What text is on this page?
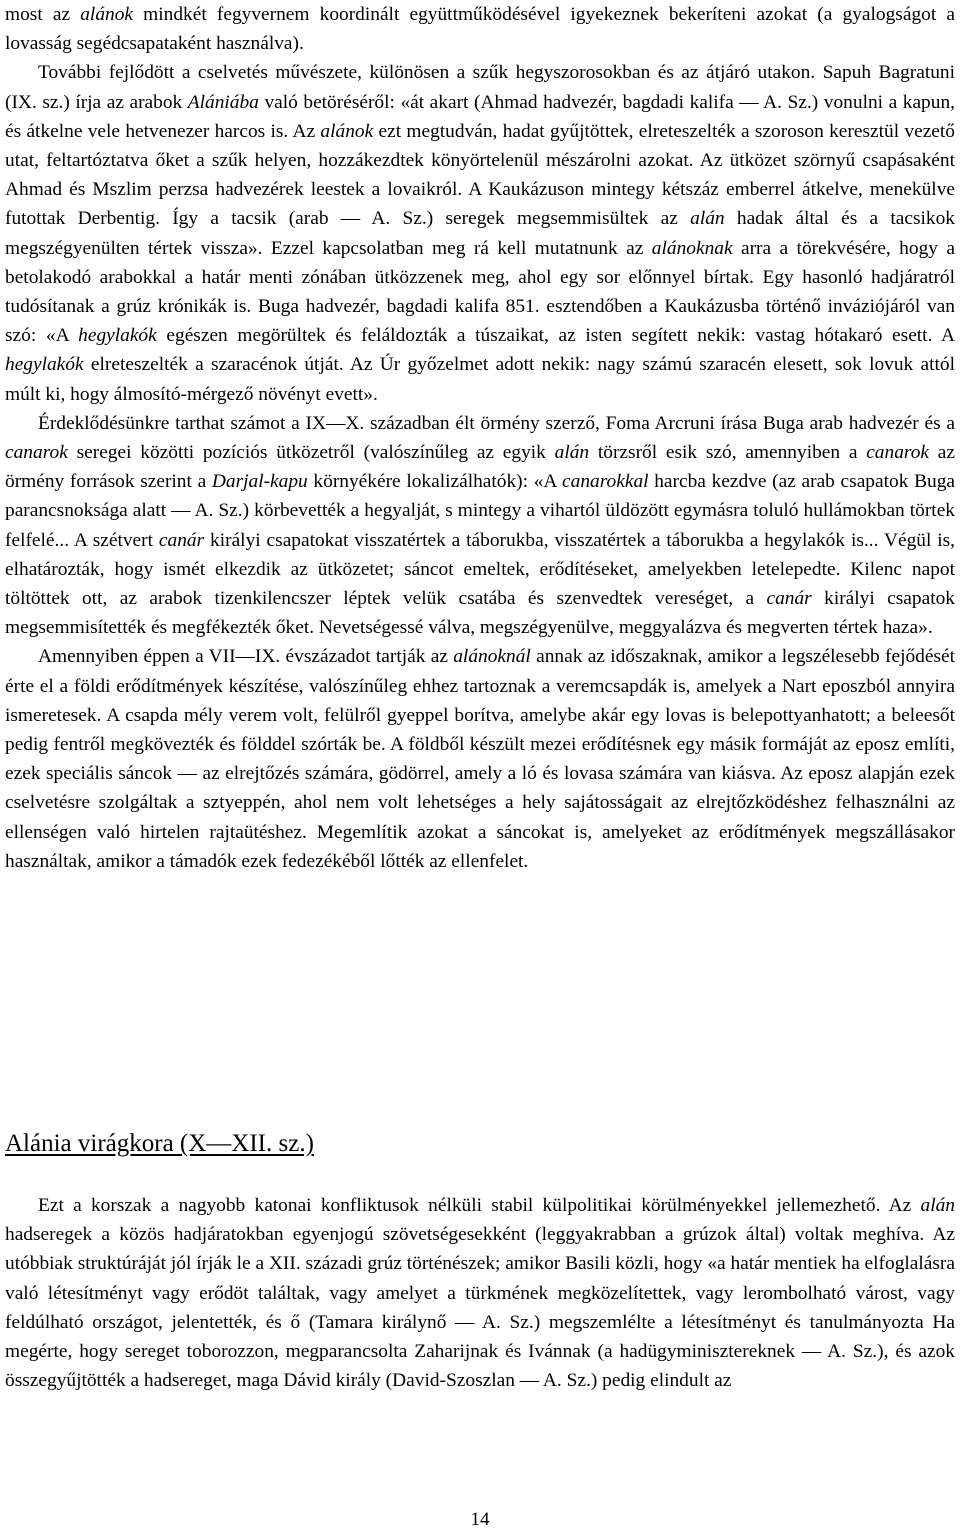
most az alánok mindkét fegyvernem koordinált együttműködésével igyekeznek bekeríteni azokat (a gyalogságot a lovasság segédcsapataként használva).

További fejlődött a cselvetés művészete, különösen a szűk hegyszorosokban és az átjáró utakon. Sapuh Bagratuni (IX. sz.) írja az arabok Alániába való betöréséről: «át akart (Ahmad hadvezér, bagdadi kalifa — A. Sz.) vonulni a kapun, és átkelne vele hetvenezer harcos is. Az alánok ezt megtudván, hadat gyűjtöttek, elreteszelték a szoroson keresztül vezető utat, feltartóztatva őket a szűk helyen, hozzákezdtek könyörtelenül mészárolni azokat. Az ütközet szörnyű csapásaként Ahmad és Mszlim perzsa hadvezérek leestek a lovaikról. A Kaukázuson mintegy kétszáz emberrel átkelve, menekülve futottak Derbentig. Így a tacsik (arab — A. Sz.) seregek megsemmisültek az alán hadak által és a tacsikok megszégyenülten tértek vissza». Ezzel kapcsolatban meg rá kell mutatnunk az alánoknak arra a törekvésére, hogy a betolakodó arabokkal a határ menti zónában ütközzenek meg, ahol egy sor előnnyel bírtak. Egy hasonló hadjáratról tudósítanak a grúz krónikák is. Buga hadvezér, bagdadi kalifa 851. esztendőben a Kaukázusba történő inváziójáról van szó: «A hegylakók egészen megörültek és feláldozták a túszaikat, az isten segített nekik: vastag hótakaró esett. A hegylakók elreteszelték a szaracénok útját. Az Úr győzelmet adott nekik: nagy számú szaracén elesett, sok lovuk attól múlt ki, hogy álmosító-mérgező növényt evett».

Érdeklődésünkre tarthat számot a IX—X. században élt örmény szerző, Foma Arcruni írása Buga arab hadvezér és a canarok seregei közötti pozíciós ütközetről (valószínűleg az egyik alán törzsről esik szó, amennyiben a canarok az örmény források szerint a Darjal-kapu környékére lokalizálhatók): «A canarokkal harcba kezdve (az arab csapatok Buga parancsnoksága alatt — A. Sz.) körbevették a hegyalját, s mintegy a vihartól üldözött egymásra toluló hullámokban törtek felfelé... A szétvert canár királyi csapatokat visszatértek a táborukba, visszatértek a táborukba a hegylakók is... Végül is, elhatározták, hogy ismét elkezdik az ütközetet; sáncot emeltek, erődítéseket, amelyekben letelepedte. Kilenc napot töltöttek ott, az arabok tizenkilencszer léptek velük csatába és szenvedtek vereséget, a canár királyi csapatok megsemmisítették és megfékezték őket. Nevetségessé válva, megszégyenülve, meggyalázva és megverten tértek haza».

Amennyiben éppen a VII—IX. évszázadot tartják az alánoknál annak az időszaknak, amikor a legszélesebb fejődését érte el a földi erődítmények készítése, valószínűleg ehhez tartoznak a veremcsapdák is, amelyek a Nart eposzból annyira ismeretesek. A csapda mély verem volt, felülről gyeppel borítva, amelybe akár egy lovas is belepottyanhatott; a beleesőt pedig fentről megkövezték és földdel szórták be. A földből készült mezei erődítésnek egy másik formáját az eposz említi, ezek speciális sáncok — az elrejtőzés számára, gödörrel, amely a ló és lovasa számára van kiásva. Az eposz alapján ezek cselvetésre szolgáltak a sztyeppén, ahol nem volt lehetséges a hely sajátosságait az elrejtőzködéshez felhasználni az ellenségen való hirtelen rajtaütéshez. Megemlítik azokat a sáncokat is, amelyeket az erődítmények megszállásakor használtak, amikor a támadók ezek fedezékéből lőtték az ellenfelet.

Alánia virágkora (X—XII. sz.)

Ezt a korszak a nagyobb katonai konfliktusok nélküli stabil külpolitikai körülményekkel jellemezhető. Az alán hadseregek a közös hadjáratokban egyenjogú szövetségesekként (leggyakrabban a grúzok által) voltak meghíva. Az utóbbiak struktúráját jól írják le a XII. századi grúz történészek; amikor Basili közli, hogy «a határ mentiek ha elfoglalásra való létesítményt vagy erődöt találtak, vagy amelyet a türkmének megközelítettek, vagy lerombolható várost, vagy feldúlható országot, jelentették, és ő (Tamara királynő — A. Sz.) megszemlélte a létesítményt és tanulmányozta Ha megérte, hogy sereget toborozzon, megparancsolta Zaharijnak és Ivánnak (a hadügyminisztereknek — A. Sz.), és azok összegyűjtötték a hadsereget, maga Dávid király (David-Szoszlan — A. Sz.) pedig elindult az

14
